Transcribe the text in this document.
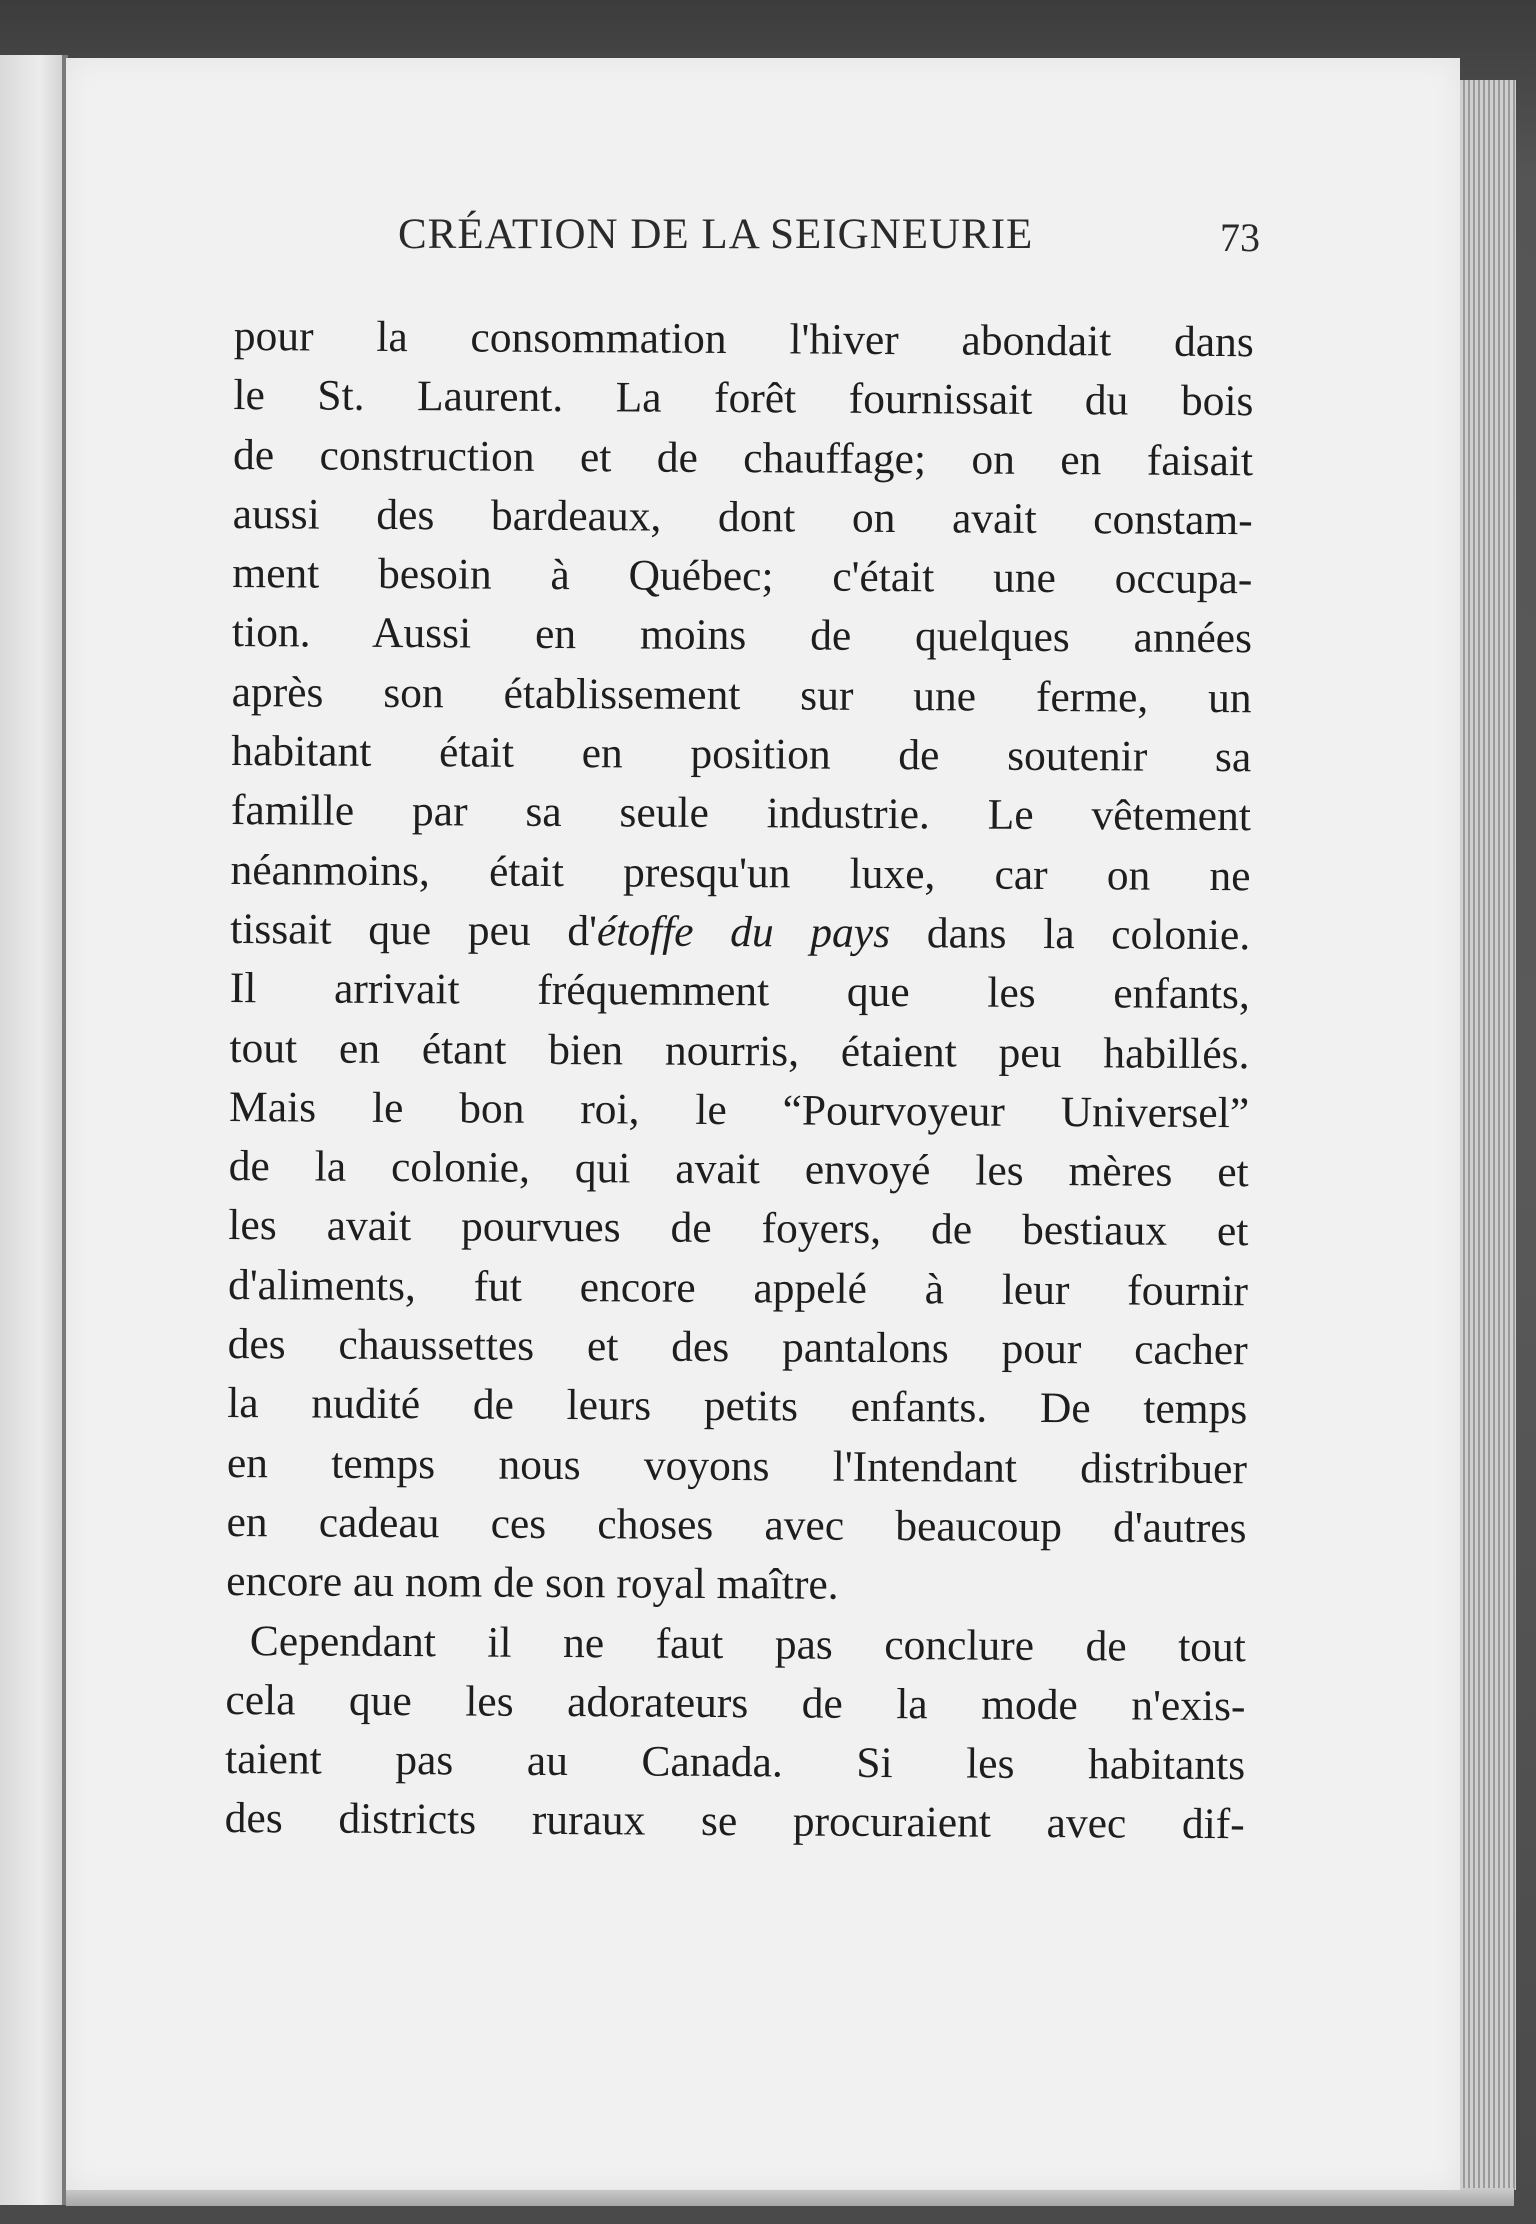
CRÉATION DE LA SEIGNEURIE	73
pour la consommation l'hiver abondait dans
le St. Laurent. La forêt fournissait du bois
de construction et de chauffage; on en faisait
aussi des bardeaux, dont on avait constam-
ment besoin à Québec; c'était une occupa-
tion. Aussi en moins de quelques années
après son établissement sur une ferme, un
habitant était en position de soutenir sa
famille par sa seule industrie. Le vêtement
néanmoins, était presqu'un luxe, car on ne
tissait que peu d'étoffe du pays dans la colonie.
Il arrivait fréquemment que les enfants,
tout en étant bien nourris, étaient peu habillés.
Mais le bon roi, le “Pourvoyeur Universel”
de la colonie, qui avait envoyé les mères et
les avait pourvues de foyers, de bestiaux et
d'aliments, fut encore appelé à leur fournir
des chaussettes et des pantalons pour cacher
la nudité de leurs petits enfants. De temps
en temps nous voyons l'Intendant distribuer
en cadeau ces choses avec beaucoup d'autres
encore au nom de son royal maître.
Cependant il ne faut pas conclure de tout
cela que les adorateurs de la mode n'exis-
taient pas au Canada. Si les habitants
des districts ruraux se procuraient avec dif-
